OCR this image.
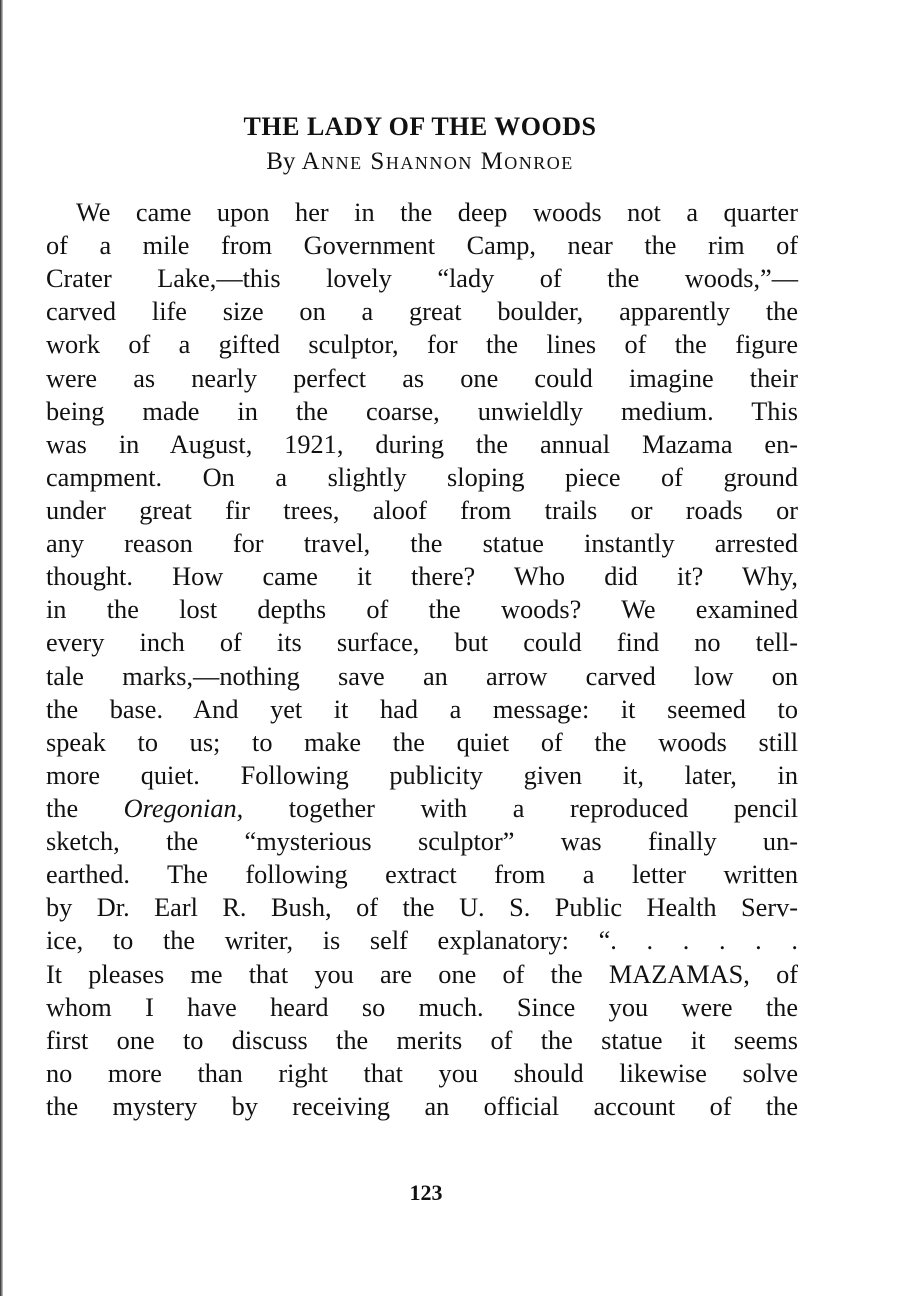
THE LADY OF THE WOODS

By Anne Shannon Monroe

We came upon her in the deep woods not a quarter
of a mile from Government Camp, near the rim of
Crater Lake,—this lovely “lady of the woods,”—
carved life size on a great boulder, apparently the
work of a gifted sculptor, for the lines of the figure
were as nearly perfect as one could imagine their
being made in the coarse, unwieldly medium. This
was in August, 1921, during the annual Mazama en-
campment. On a slightly sloping piece of ground
under great fir trees, aloof from trails or roads or
any reason for travel, the statue instantly arrested
thought. How came it there? Who did it? Why,
in the lost depths of the woods? We examined
every inch of its surface, but could find no tell-
tale marks,—nothing save an arrow carved low on
the base. And yet it had a message: it seemed to
speak to us; to make the quiet of the woods still
more quiet. Following publicity given it, later, in
the Oregonian, together with a reproduced pencil
sketch, the “mysterious sculptor” was finally un-
earthed. The following extract from a letter written
by Dr. Earl R. Bush, of the U. S. Public Health Serv-
ice, to the writer, is self explanatory: “. . . . . .
It pleases me that you are one of the MAZAMAS, of
whom I have heard so much. Since you were the
first one to discuss the merits of the statue it seems
no more than right that you should likewise solve
the mystery by receiving an official account of the
123
